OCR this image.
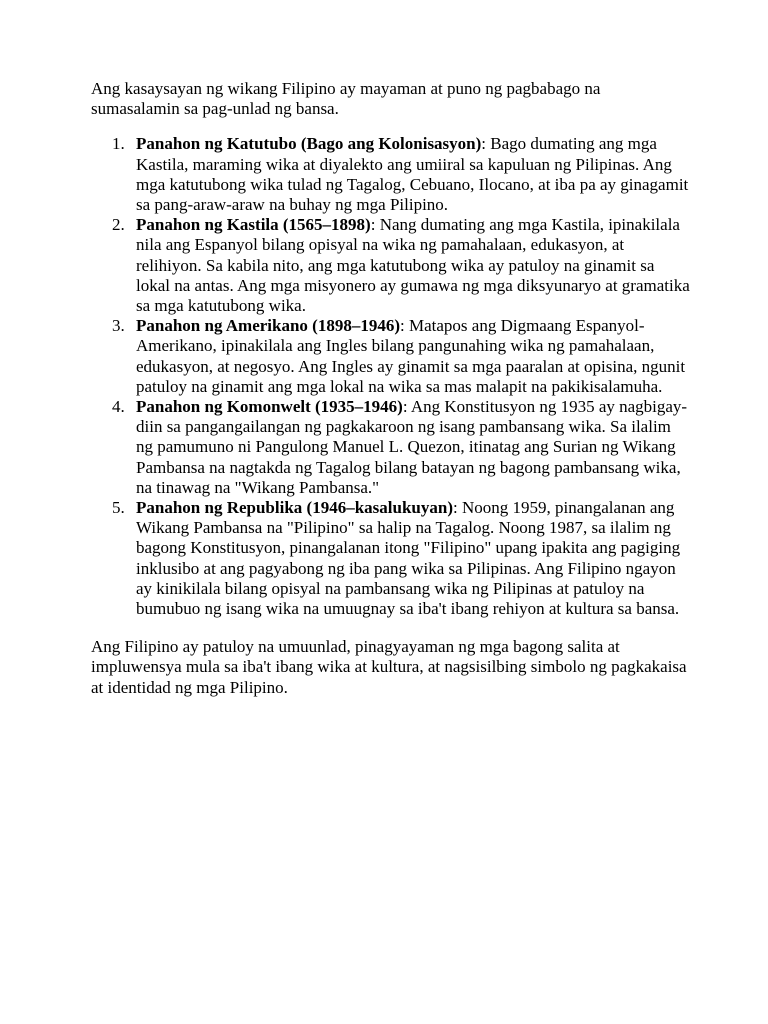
Ang kasaysayan ng wikang Filipino ay mayaman at puno ng pagbabago na sumasalamin sa pag-unlad ng bansa.

1. Panahon ng Katutubo (Bago ang Kolonisasyon): Bago dumating ang mga Kastila, maraming wika at diyalekto ang umiiral sa kapuluan ng Pilipinas. Ang mga katutubong wika tulad ng Tagalog, Cebuano, Ilocano, at iba pa ay ginagamit sa pang-araw-araw na buhay ng mga Pilipino.
2. Panahon ng Kastila (1565–1898): Nang dumating ang mga Kastila, ipinakilala nila ang Espanyol bilang opisyal na wika ng pamahalaan, edukasyon, at relihiyon. Sa kabila nito, ang mga katutubong wika ay patuloy na ginamit sa lokal na antas. Ang mga misyonero ay gumawa ng mga diksyunaryo at gramatika sa mga katutubong wika.
3. Panahon ng Amerikano (1898–1946): Matapos ang Digmaang Espanyol-Amerikano, ipinakilala ang Ingles bilang pangunahing wika ng pamahalaan, edukasyon, at negosyo. Ang Ingles ay ginamit sa mga paaralan at opisina, ngunit patuloy na ginamit ang mga lokal na wika sa mas malapit na pakikisalamuha.
4. Panahon ng Komonwelt (1935–1946): Ang Konstitusyon ng 1935 ay nagbigay-diin sa pangangailangan ng pagkakaroon ng isang pambansang wika. Sa ilalim ng pamumuno ni Pangulong Manuel L. Quezon, itinatag ang Surian ng Wikang Pambansa na nagtakda ng Tagalog bilang batayan ng bagong pambansang wika, na tinawag na "Wikang Pambansa."
5. Panahon ng Republika (1946–kasalukuyan): Noong 1959, pinangalanan ang Wikang Pambansa na "Pilipino" sa halip na Tagalog. Noong 1987, sa ilalim ng bagong Konstitusyon, pinangalanan itong "Filipino" upang ipakita ang pagiging inklusibo at ang pagyabong ng iba pang wika sa Pilipinas. Ang Filipino ngayon ay kinikilala bilang opisyal na pambansang wika ng Pilipinas at patuloy na bumubuo ng isang wika na umuugnay sa iba't ibang rehiyon at kultura sa bansa.

Ang Filipino ay patuloy na umuunlad, pinagyayaman ng mga bagong salita at impluwensya mula sa iba't ibang wika at kultura, at nagsisilbing simbolo ng pagkakaisa at identidad ng mga Pilipino.
